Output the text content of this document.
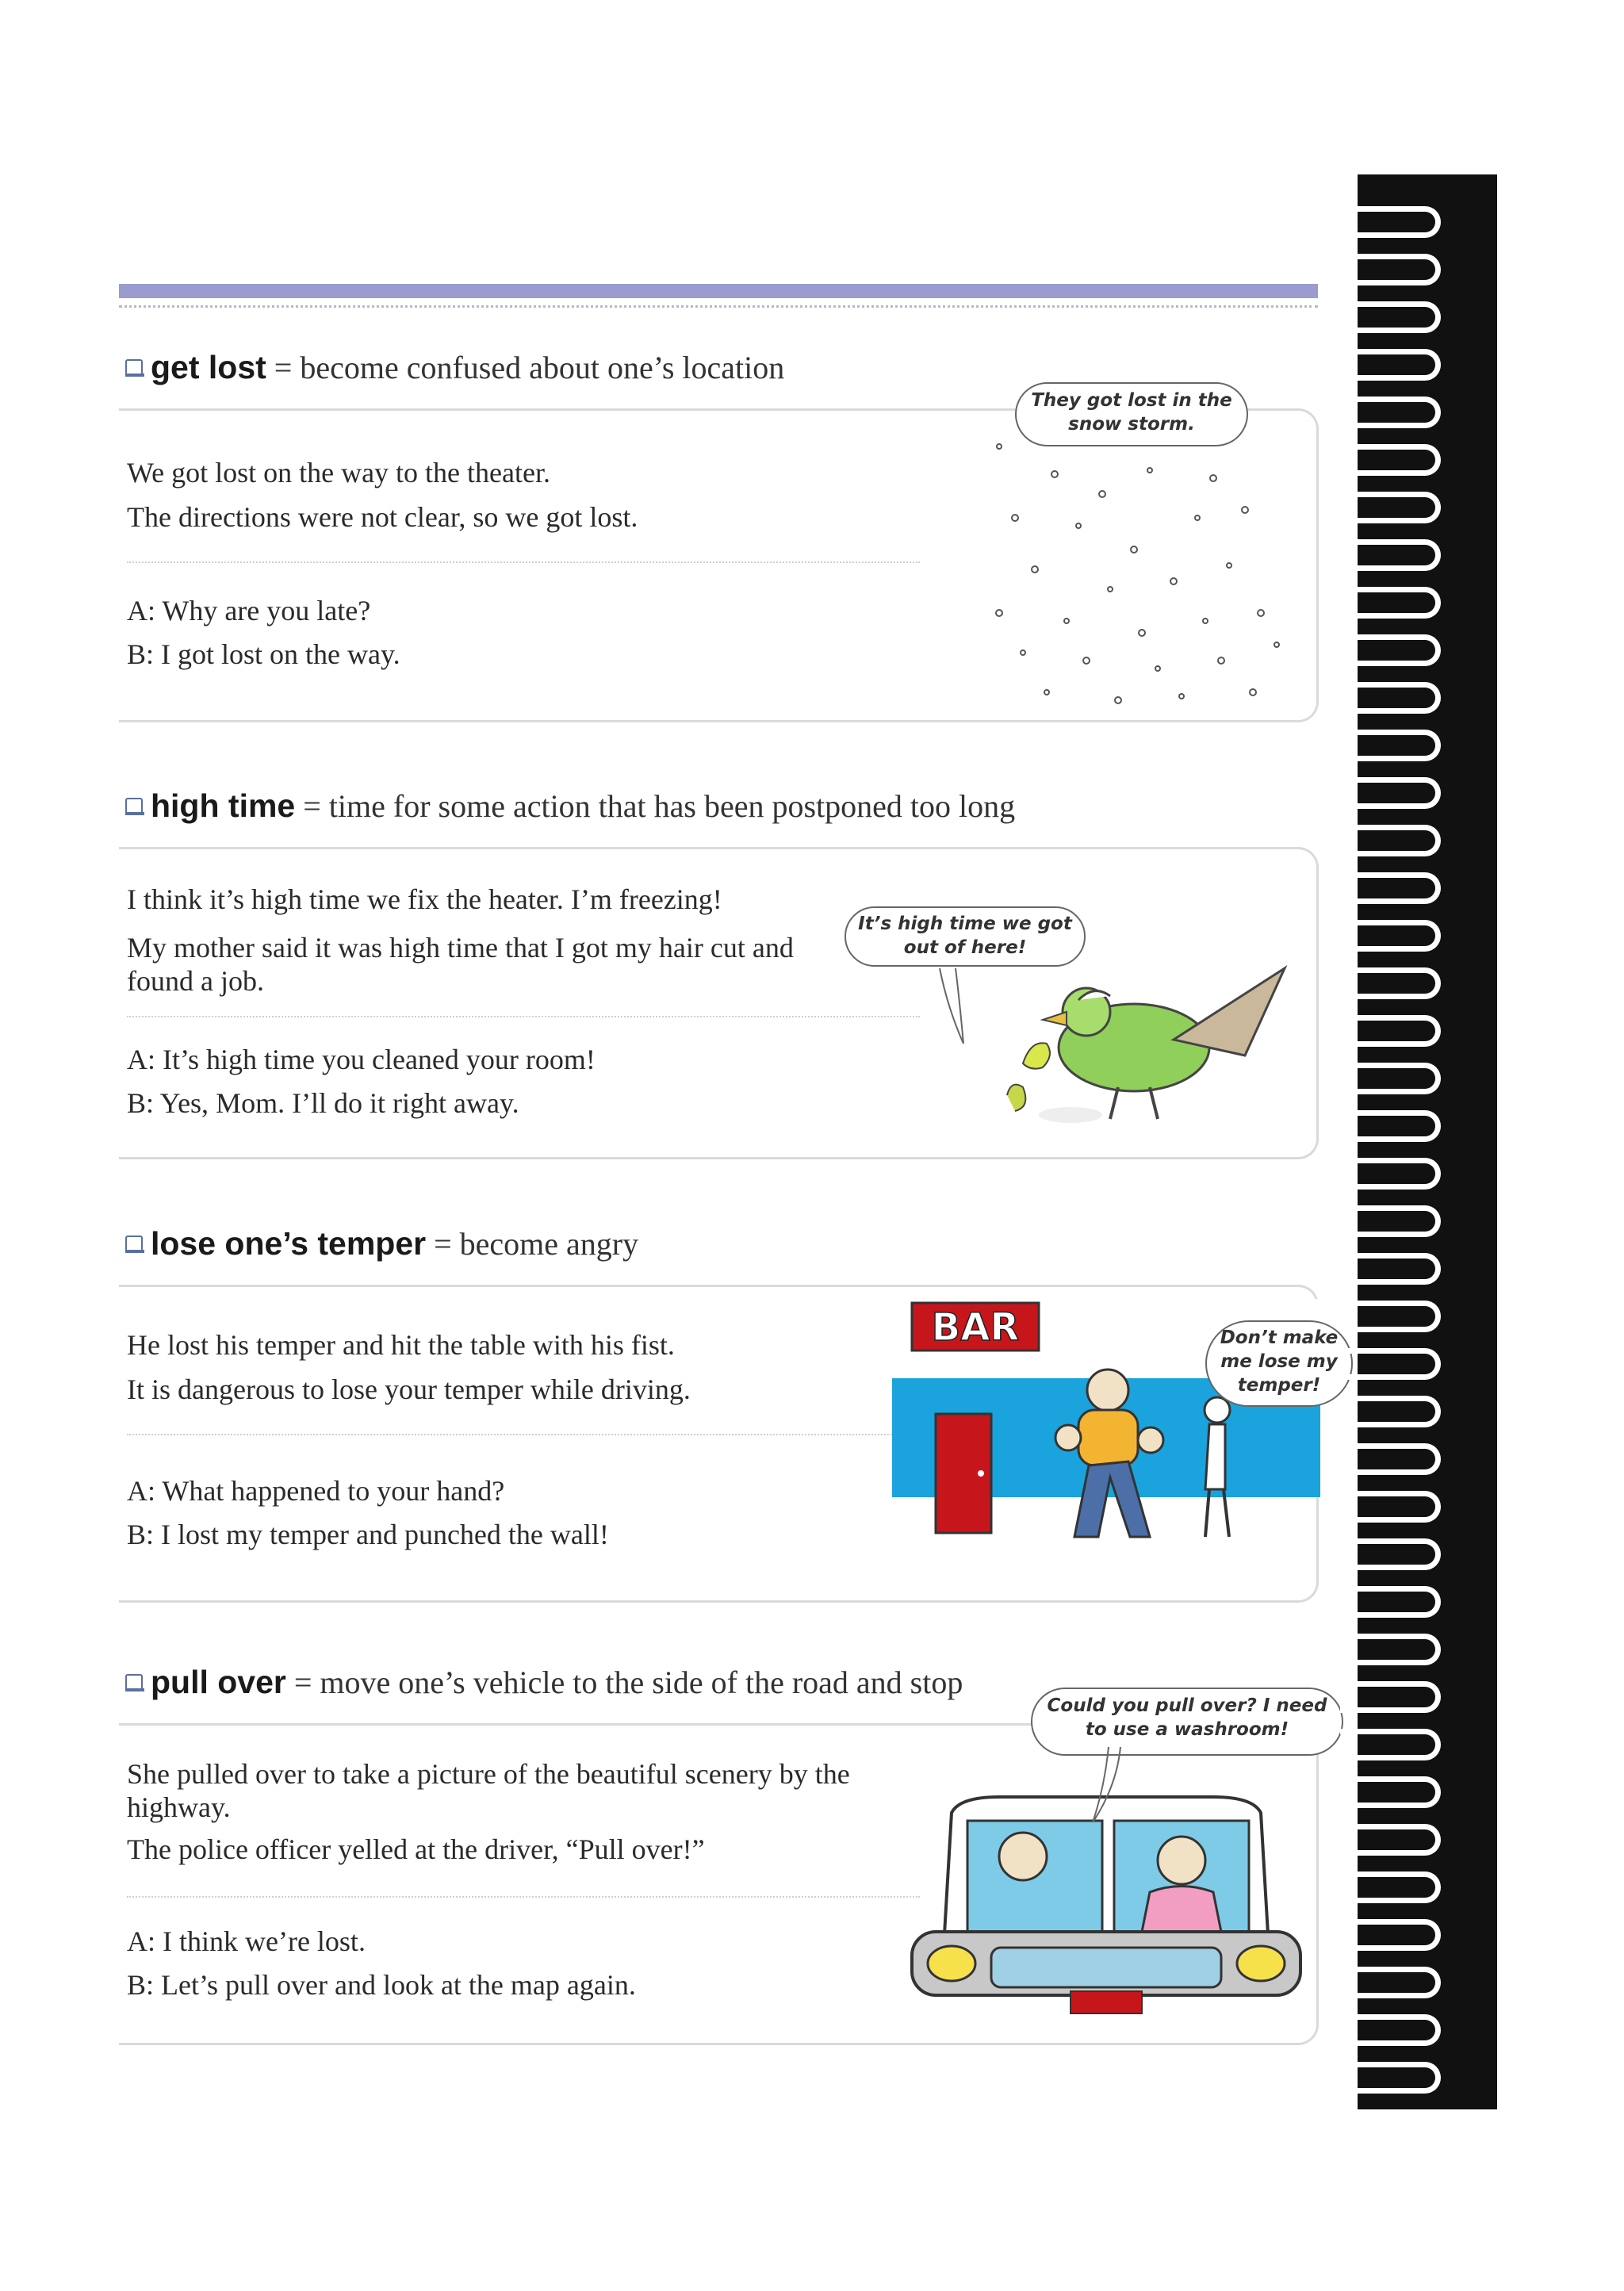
get lost = become confused about one’s location
We got lost on the way to the theater.
The directions were not clear, so we got lost.
A: Why are you late?
B: I got lost on the way.
They got lost in the snow storm.
high time = time for some action that has been postponed too long
I think it’s high time we fix the heater. I’m freezing!
My mother said it was high time that I got my hair cut and found a job.
A: It’s high time you cleaned your room!
B: Yes, Mom. I’ll do it right away.
It’s high time we got out of here!
lose one’s temper = become angry
He lost his temper and hit the table with his fist.
It is dangerous to lose your temper while driving.
A: What happened to your hand?
B: I lost my temper and punched the wall!
BAR	Don’t make me lose my temper!
pull over = move one’s vehicle to the side of the road and stop
She pulled over to take a picture of the beautiful scenery by the highway.
The police officer yelled at the driver, “Pull over!”
A: I think we’re lost.
B: Let’s pull over and look at the map again.
Could you pull over? I need to use a washroom!
